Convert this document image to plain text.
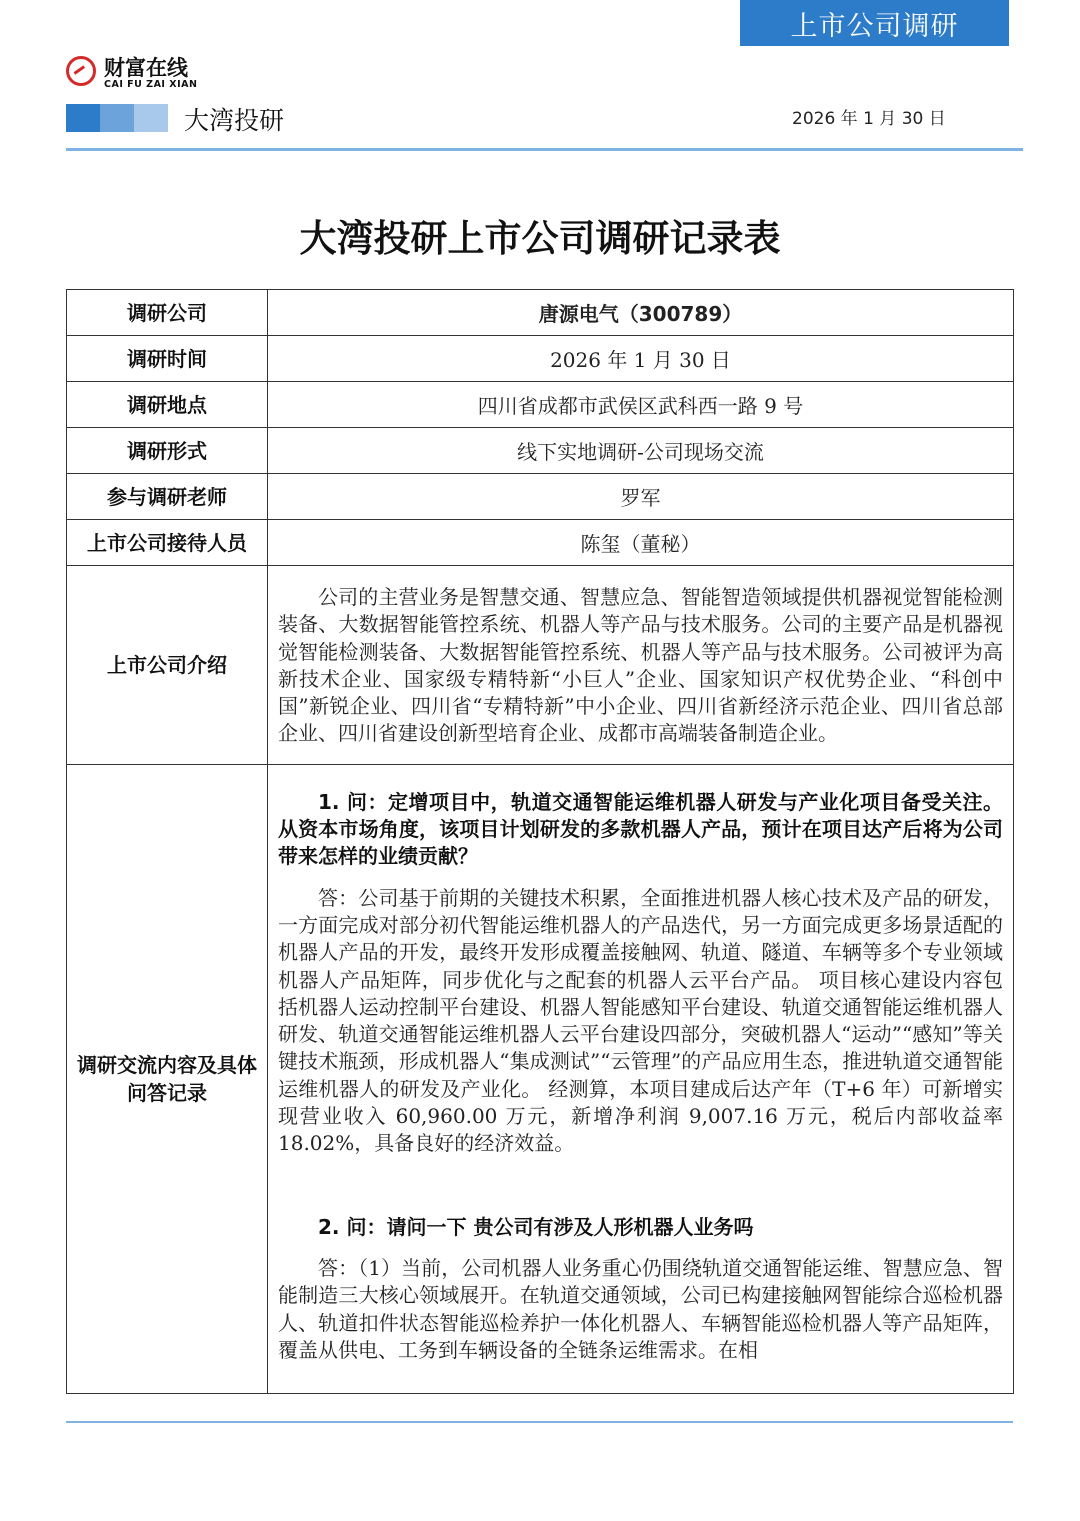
上市公司调研
财富在线
CAI FU ZAI XIAN
大湾投研	2026 年 1 月 30 日
大湾投研上市公司调研记录表
调研公司	唐源电气（300789）
调研时间	2026 年 1 月 30 日
调研地点	四川省成都市武侯区武科西一路 9 号
调研形式	线下实地调研-公司现场交流
参与调研老师	罗军
上市公司接待人员	陈玺（董秘）
上市公司介绍	公司的主营业务是智慧交通、智慧应急、智能智造领域提供机器视觉智能检测装备、大数据智能管控系统、机器人等产品与技术服务。公司的主要产品是机器视觉智能检测装备、大数据智能管控系统、机器人等产品与技术服务。公司被评为高新技术企业、国家级专精特新“小巨人”企业、国家知识产权优势企业、“科创中国”新锐企业、四川省“专精特新”中小企业、四川省新经济示范企业、四川省总部企业、四川省建设创新型培育企业、成都市高端装备制造企业。

调研交流内容及具体问答记录	1. 问：定增项目中，轨道交通智能运维机器人研发与产业化项目备受关注。从资本市场角度，该项目计划研发的多款机器人产品，预计在项目达产后将为公司带来怎样的业绩贡献？

答：公司基于前期的关键技术积累，全面推进机器人核心技术及产品的研发，一方面完成对部分初代智能运维机器人的产品迭代，另一方面完成更多场景适配的机器人产品的开发，最终开发形成覆盖接触网、轨道、隧道、车辆等多个专业领域机器人产品矩阵，同步优化与之配套的机器人云平台产品。 项目核心建设内容包括机器人运动控制平台建设、机器人智能感知平台建设、轨道交通智能运维机器人研发、轨道交通智能运维机器人云平台建设四部分，突破机器人“运动”“感知”等关键技术瓶颈，形成机器人“集成测试”“云管理”的产品应用生态，推进轨道交通智能运维机器人的研发及产业化。 经测算，本项目建成后达产年（T+6 年）可新增实现营业收入 60,960.00 万元，新增净利润 9,007.16 万元，税后内部收益率 18.02%，具备良好的经济效益。

2. 问：请问一下 贵公司有涉及人形机器人业务吗

答：（1）当前，公司机器人业务重心仍围绕轨道交通智能运维、智慧应急、智能制造三大核心领域展开。在轨道交通领域，公司已构建接触网智能综合巡检机器人、轨道扣件状态智能巡检养护一体化机器人、车辆智能巡检机器人等产品矩阵，覆盖从供电、工务到车辆设备的全链条运维需求。在相
